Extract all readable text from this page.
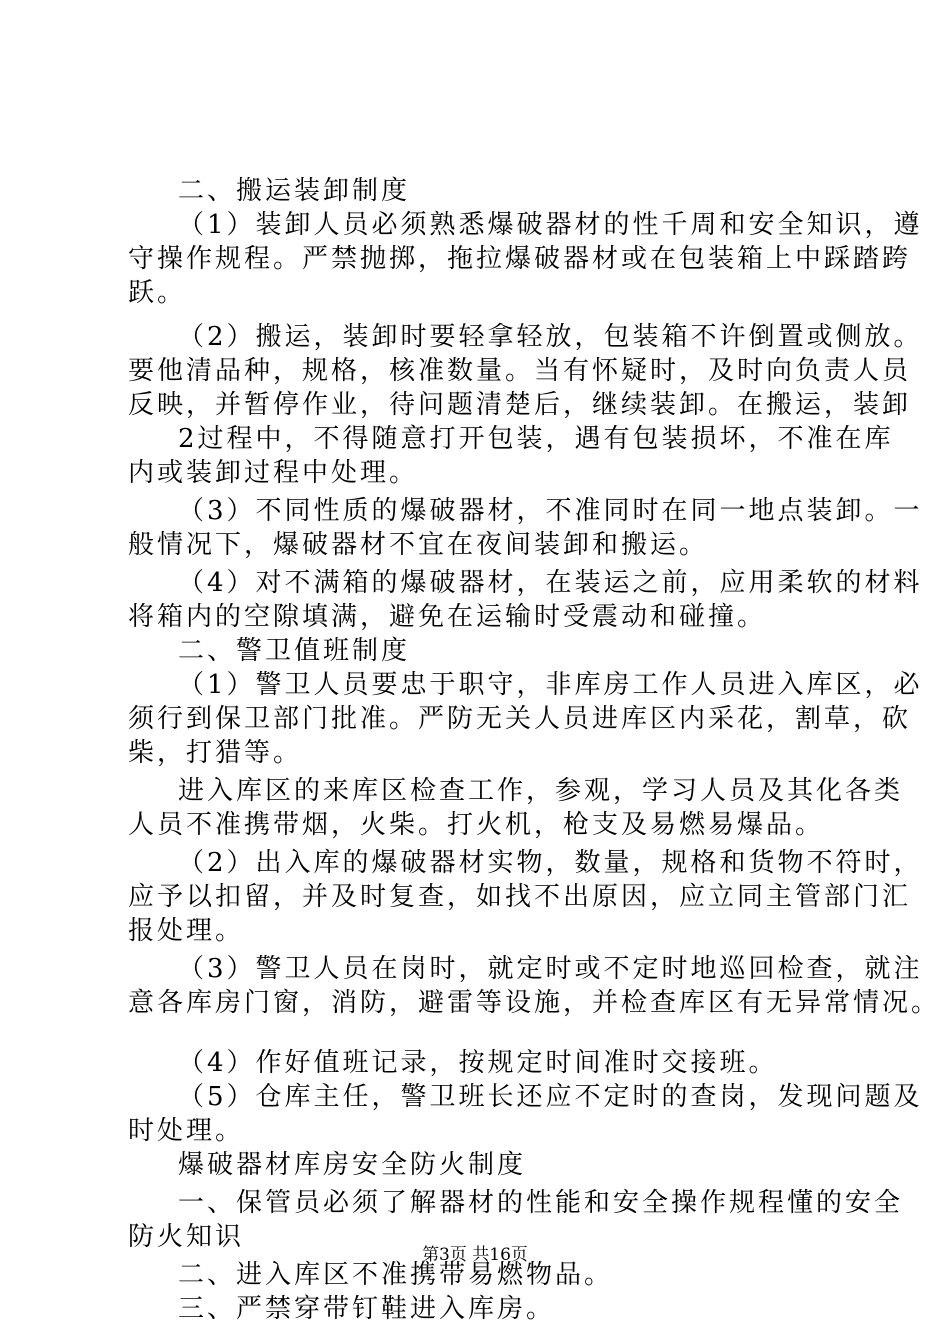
二、搬运装卸制度
（1）装卸人员必须熟悉爆破器材的性千周和安全知识，遵
守操作规程。严禁抛掷，拖拉爆破器材或在包装箱上中踩踏跨
跃。
（2）搬运，装卸时要轻拿轻放，包装箱不许倒置或侧放。
要他清品种，规格，核准数量。当有怀疑时，及时向负责人员
反映，并暂停作业，待问题清楚后，继续装卸。在搬运，装卸
2过程中，不得随意打开包装，遇有包装损坏，不准在库
内或装卸过程中处理。
（3）不同性质的爆破器材，不准同时在同一地点装卸。一
般情况下，爆破器材不宜在夜间装卸和搬运。
（4）对不满箱的爆破器材，在装运之前，应用柔软的材料
将箱内的空隙填满，避免在运输时受震动和碰撞。
二、警卫值班制度
（1）警卫人员要忠于职守，非库房工作人员进入库区，必
须行到保卫部门批准。严防无关人员进库区内采花，割草，砍
柴，打猎等。
进入库区的来库区检查工作，参观，学习人员及其化各类
人员不准携带烟，火柴。打火机，枪支及易燃易爆品。
（2）出入库的爆破器材实物，数量，规格和货物不符时，
应予以扣留，并及时复查，如找不出原因，应立同主管部门汇
报处理。
（3）警卫人员在岗时，就定时或不定时地巡回检查，就注
意各库房门窗，消防，避雷等设施，并检查库区有无异常情况。
（4）作好值班记录，按规定时间准时交接班。
（5）仓库主任，警卫班长还应不定时的查岗，发现问题及
时处理。
爆破器材库房安全防火制度
一、保管员必须了解器材的性能和安全操作规程懂的安全
防火知识
二、进入库区不准携带易燃物品。
三、严禁穿带钉鞋进入库房。
第3页 共16页
